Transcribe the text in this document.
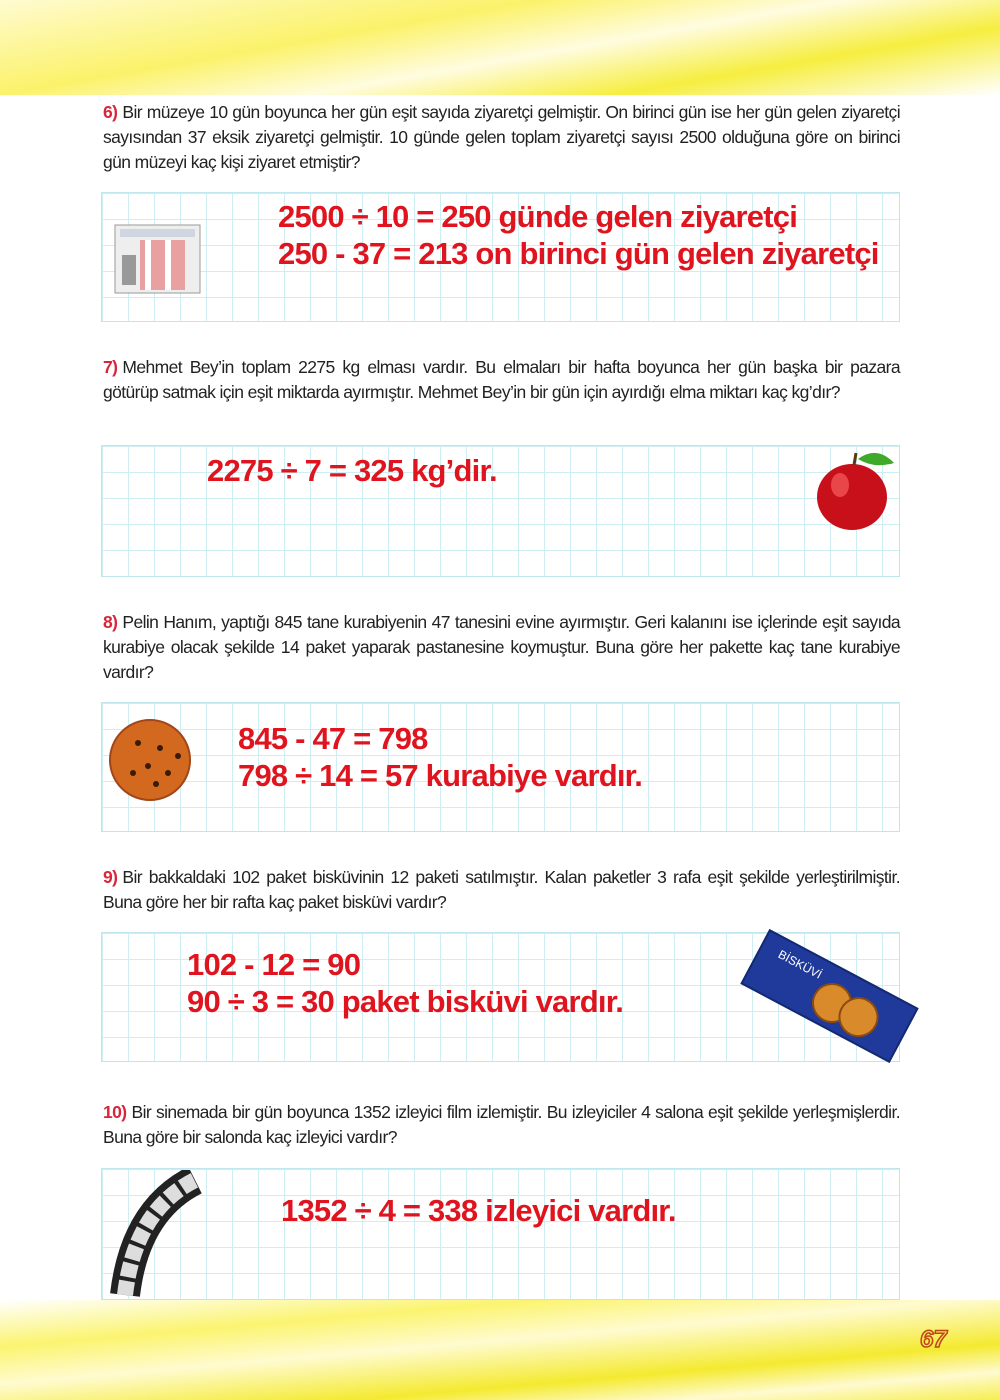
6) Bir müzeye 10 gün boyunca her gün eşit sayıda ziyaretçi gelmiştir. On birinci gün ise her gün gelen ziyaretçi sayısından 37 eksik ziyaretçi gelmiştir. 10 günde gelen toplam ziyaretçi sayısı 2500 olduğuna göre on birinci gün müzeyi kaç kişi ziyaret etmiştir?
2500 ÷ 10 = 250 günde gelen ziyaretçi
250 - 37 = 213 on birinci gün gelen ziyaretçi
7) Mehmet Bey’in toplam 2275 kg elması vardır. Bu elmaları bir hafta boyunca her gün başka bir pazara götürüp satmak için eşit miktarda ayırmıştır. Mehmet Bey’in bir gün için ayırdığı elma miktarı kaç kg’dır?
2275 ÷ 7 = 325 kg’dir.
8) Pelin Hanım, yaptığı 845 tane kurabiyenin 47 tanesini evine ayırmıştır. Geri kalanını ise içlerinde eşit sayıda kurabiye olacak şekilde 14 paket yaparak pastanesine koymuştur. Buna göre her pakette kaç tane kurabiye vardır?
845 - 47 = 798
798 ÷ 14 = 57 kurabiye vardır.
9) Bir bakkaldaki 102 paket bisküvinin 12 paketi satılmıştır. Kalan paketler 3 rafa eşit şekilde yerleştirilmiştir. Buna göre her bir rafta kaç paket bisküvi vardır?
102 - 12 = 90
90 ÷ 3 = 30 paket bisküvi vardır.
BİSKÜVİ
10) Bir sinemada bir gün boyunca 1352 izleyici film izlemiştir. Bu izleyiciler 4 salona eşit şekilde yerleşmişlerdir. Buna göre bir salonda kaç izleyici vardır?
1352 ÷ 4 = 338 izleyici vardır.
67
